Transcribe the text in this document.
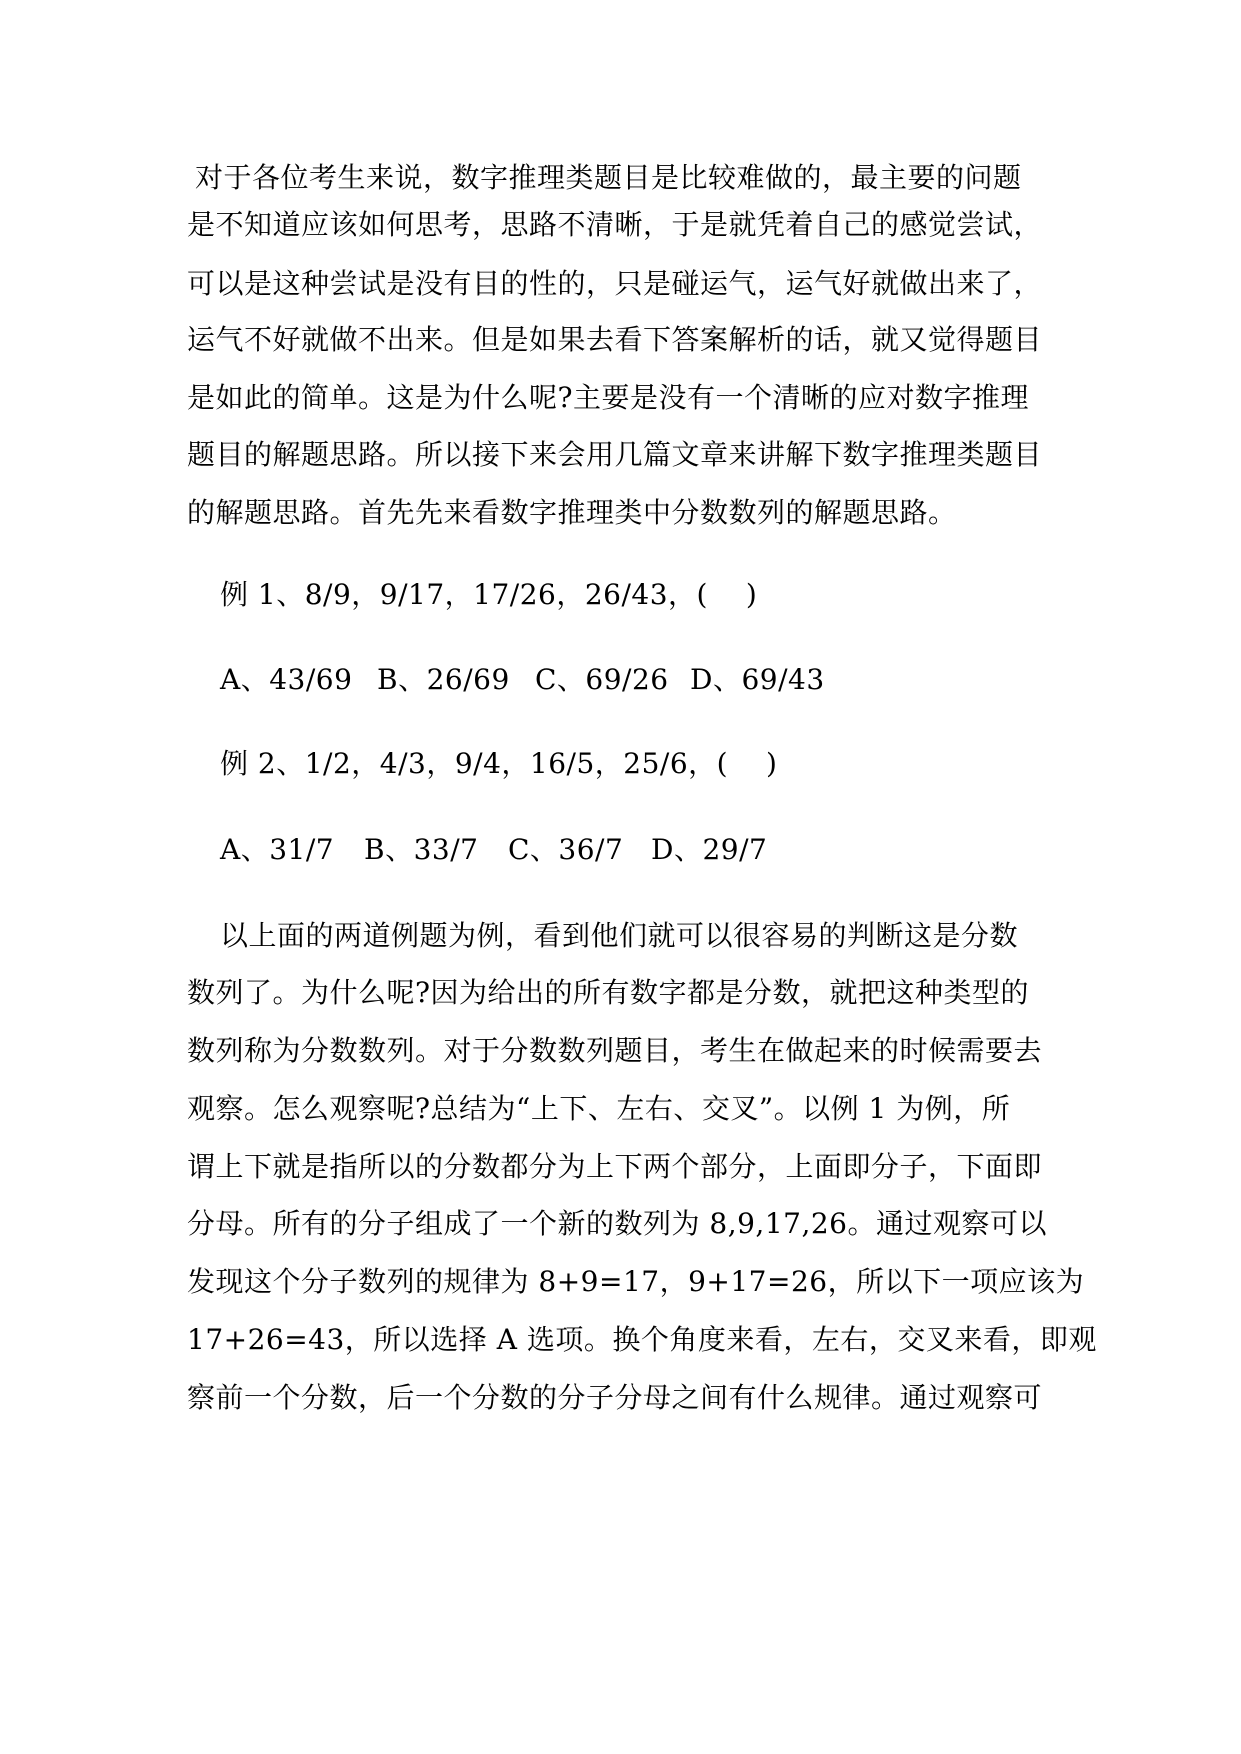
对于各位考生来说，数字推理类题目是比较难做的，最主要的问题
是不知道应该如何思考，思路不清晰，于是就凭着自己的感觉尝试，
可以是这种尝试是没有目的性的，只是碰运气，运气好就做出来了，
运气不好就做不出来。但是如果去看下答案解析的话，就又觉得题目
是如此的简单。这是为什么呢?主要是没有一个清晰的应对数字推理
题目的解题思路。所以接下来会用几篇文章来讲解下数字推理类题目
的解题思路。首先先来看数字推理类中分数数列的解题思路。
例 1、8/9，9/17，17/26，26/43，(　 )
A、43/69 B、26/69 C、69/26 D、69/43
例 2、1/2，4/3，9/4，16/5，25/6，(　 )
A、31/7 B、33/7 C、36/7 D、29/7
以上面的两道例题为例，看到他们就可以很容易的判断这是分数
数列了。为什么呢?因为给出的所有数字都是分数，就把这种类型的
数列称为分数数列。对于分数数列题目，考生在做起来的时候需要去
观察。怎么观察呢?总结为“上下、左右、交叉”。以例 1 为例，所
谓上下就是指所以的分数都分为上下两个部分，上面即分子，下面即
分母。所有的分子组成了一个新的数列为 8,9,17,26。通过观察可以
发现这个分子数列的规律为 8+9=17，9+17=26，所以下一项应该为
17+26=43，所以选择 A 选项。换个角度来看，左右，交叉来看，即观
察前一个分数，后一个分数的分子分母之间有什么规律。通过观察可
